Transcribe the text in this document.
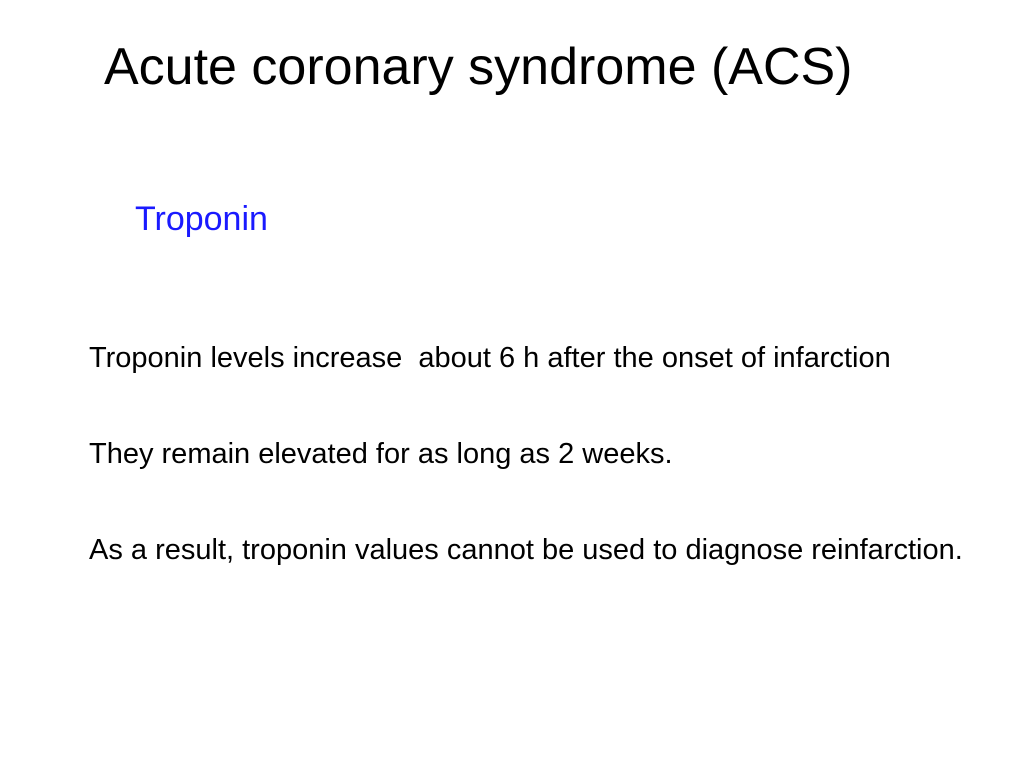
Acute coronary syndrome (ACS)
Troponin

Troponin levels increase  about 6 h after the onset of infarction

They remain elevated for as long as 2 weeks.

As a result, troponin values cannot be used to diagnose reinfarction.
